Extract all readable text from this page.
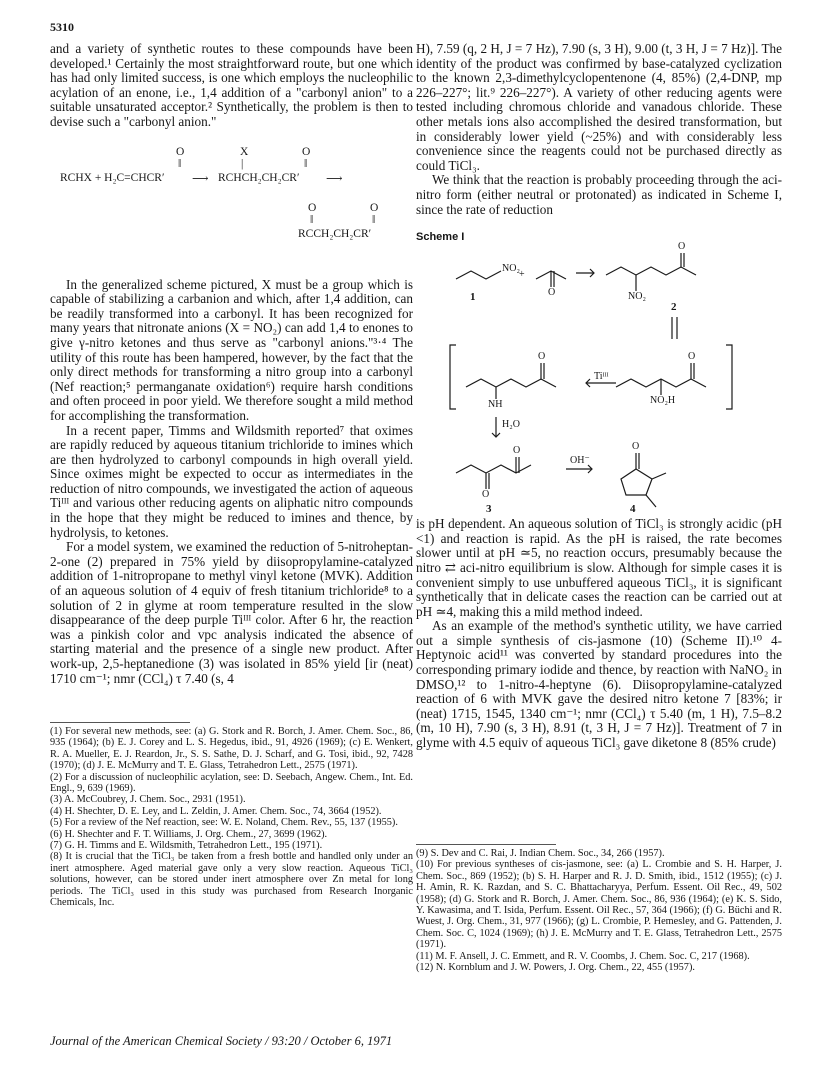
5310

and a variety of synthetic routes to these compounds have been developed.¹ Certainly the most straightforward route, but one which has had only limited success, is one which employs the nucleophilic acylation of an enone, i.e., 1,4 addition of a "carbonyl anion" to a suitable unsaturated acceptor.² Synthetically, the problem is then to devise such a "carbonyl anion."

O	X	O
‖	|	‖
RCHX + H₂C=CHCR′ ⟶ RCHCH₂CH₂CR′ ⟶
O	O
‖	‖
RCCH₂CH₂CR′

In the generalized scheme pictured, X must be a group which is capable of stabilizing a carbanion and which, after 1,4 addition, can be readily transformed into a carbonyl. It has been recognized for many years that nitronate anions (X = NO₂) can add 1,4 to enones to give γ-nitro ketones and thus serve as "carbonyl anions."³·⁴ The utility of this route has been hampered, however, by the fact that the only direct methods for transforming a nitro group into a carbonyl (Nef reaction;⁵ permanganate oxidation⁶) require harsh conditions and often proceed in poor yield. We therefore sought a mild method for accomplishing the transformation.

In a recent paper, Timms and Wildsmith reported⁷ that oximes are rapidly reduced by aqueous titanium trichloride to imines which are then hydrolyzed to carbonyl compounds in high overall yield. Since oximes might be expected to occur as intermediates in the reduction of nitro compounds, we investigated the action of aqueous Tiᴵᴵᴵ and various other reducing agents on aliphatic nitro compounds in the hope that they might be reduced to imines and thence, by hydrolysis, to ketones.

For a model system, we examined the reduction of 5-nitroheptan-2-one (2) prepared in 75% yield by diisopropylamine-catalyzed addition of 1-nitropropane to methyl vinyl ketone (MVK). Addition of an aqueous solution of 4 equiv of fresh titanium trichloride⁸ to a solution of 2 in glyme at room temperature resulted in the slow disappearance of the deep purple Tiᴵᴵᴵ color. After 6 hr, the reaction was a pinkish color and vpc analysis indicated the absence of starting material and the presence of a single new product. After work-up, 2,5-heptanedione (3) was isolated in 85% yield [ir (neat) 1710 cm⁻¹; nmr (CCl₄) τ 7.40 (s, 4

(1) For several new methods, see: (a) G. Stork and R. Borch, J. Amer. Chem. Soc., 86, 935 (1964); (b) E. J. Corey and L. S. Hegedus, ibid., 91, 4926 (1969); (c) E. Wenkert, R. A. Mueller, E. J. Reardon, Jr., S. S. Sathe, D. J. Scharf, and G. Tosi, ibid., 92, 7428 (1970); (d) J. E. McMurry and T. E. Glass, Tetrahedron Lett., 2575 (1971).

(2) For a discussion of nucleophilic acylation, see: D. Seebach, Angew. Chem., Int. Ed. Engl., 9, 639 (1969).

(3) A. McCoubrey, J. Chem. Soc., 2931 (1951).

(4) H. Shechter, D. E. Ley, and L. Zeldin, J. Amer. Chem. Soc., 74, 3664 (1952).

(5) For a review of the Nef reaction, see: W. E. Noland, Chem. Rev., 55, 137 (1955).

(6) H. Shechter and F. T. Williams, J. Org. Chem., 27, 3699 (1962).

(7) G. H. Timms and E. Wildsmith, Tetrahedron Lett., 195 (1971).

(8) It is crucial that the TiCl₃ be taken from a fresh bottle and handled only under an inert atmosphere. Aged material gave only a very slow reaction. Aqueous TiCl₃ solutions, however, can be stored under inert atmosphere over Zn metal for long periods. The TiCl₃ used in this study was purchased from Research Inorganic Chemicals, Inc.

H), 7.59 (q, 2 H, J = 7 Hz), 7.90 (s, 3 H), 9.00 (t, 3 H, J = 7 Hz)]. The identity of the product was confirmed by base-catalyzed cyclization to the known 2,3-dimethylcyclopentenone (4, 85%) (2,4-DNP, mp 226–227°; lit.⁹ 226–227°). A variety of other reducing agents were tested including chromous chloride and vanadous chloride. These other metals ions also accomplished the desired transformation, but in considerably lower yield (~25%) and with considerably less convenience since the reagents could not be purchased directly as could TiCl₃.

We think that the reaction is probably proceeding through the aci-nitro form (either neutral or protonated) as indicated in Scheme I, since the rate of reduction

Scheme I
NO₂
+
O
O
NO₂
1
2
O	O
NH	NO₂H
Tiᴵᴵᴵ
H₂O
OH⁻
O
O	O
3	4

is pH dependent. An aqueous solution of TiCl₃ is strongly acidic (pH <1) and reaction is rapid. As the pH is raised, the rate becomes slower until at pH ≃5, no reaction occurs, presumably because the nitro ⇄ aci-nitro equilibrium is slow. Although for simple cases it is convenient simply to use unbuffered aqueous TiCl₃, it is significant synthetically that in delicate cases the reaction can be carried out at pH ≃4, making this a mild method indeed.

As an example of the method's synthetic utility, we have carried out a simple synthesis of cis-jasmone (10) (Scheme II).¹⁰ 4-Heptynoic acid¹¹ was converted by standard procedures into the corresponding primary iodide and thence, by reaction with NaNO₂ in DMSO,¹² to 1-nitro-4-heptyne (6). Diisopropylamine-catalyzed reaction of 6 with MVK gave the desired nitro ketone 7 [83%; ir (neat) 1715, 1545, 1340 cm⁻¹; nmr (CCl₄) τ 5.40 (m, 1 H), 7.5–8.2 (m, 10 H), 7.90 (s, 3 H), 8.91 (t, 3 H, J = 7 Hz)]. Treatment of 7 in glyme with 4.5 equiv of aqueous TiCl₃ gave diketone 8 (85% crude)

(9) S. Dev and C. Rai, J. Indian Chem. Soc., 34, 266 (1957).

(10) For previous syntheses of cis-jasmone, see: (a) L. Crombie and S. H. Harper, J. Chem. Soc., 869 (1952); (b) S. H. Harper and R. J. D. Smith, ibid., 1512 (1955); (c) J. H. Amin, R. K. Razdan, and S. C. Bhattacharyya, Perfum. Essent. Oil Rec., 49, 502 (1958); (d) G. Stork and R. Borch, J. Amer. Chem. Soc., 86, 936 (1964); (e) K. S. Sido, Y. Kawasima, and T. Isida, Perfum. Essent. Oil Rec., 57, 364 (1966); (f) G. Büchi and R. Wuest, J. Org. Chem., 31, 977 (1966); (g) L. Crombie, P. Hemesley, and G. Pattenden, J. Chem. Soc. C, 1024 (1969); (h) J. E. McMurry and T. E. Glass, Tetrahedron Lett., 2575 (1971).

(11) M. F. Ansell, J. C. Emmett, and R. V. Coombs, J. Chem. Soc. C, 217 (1968).

(12) N. Kornblum and J. W. Powers, J. Org. Chem., 22, 455 (1957).

Journal of the American Chemical Society / 93:20 / October 6, 1971
